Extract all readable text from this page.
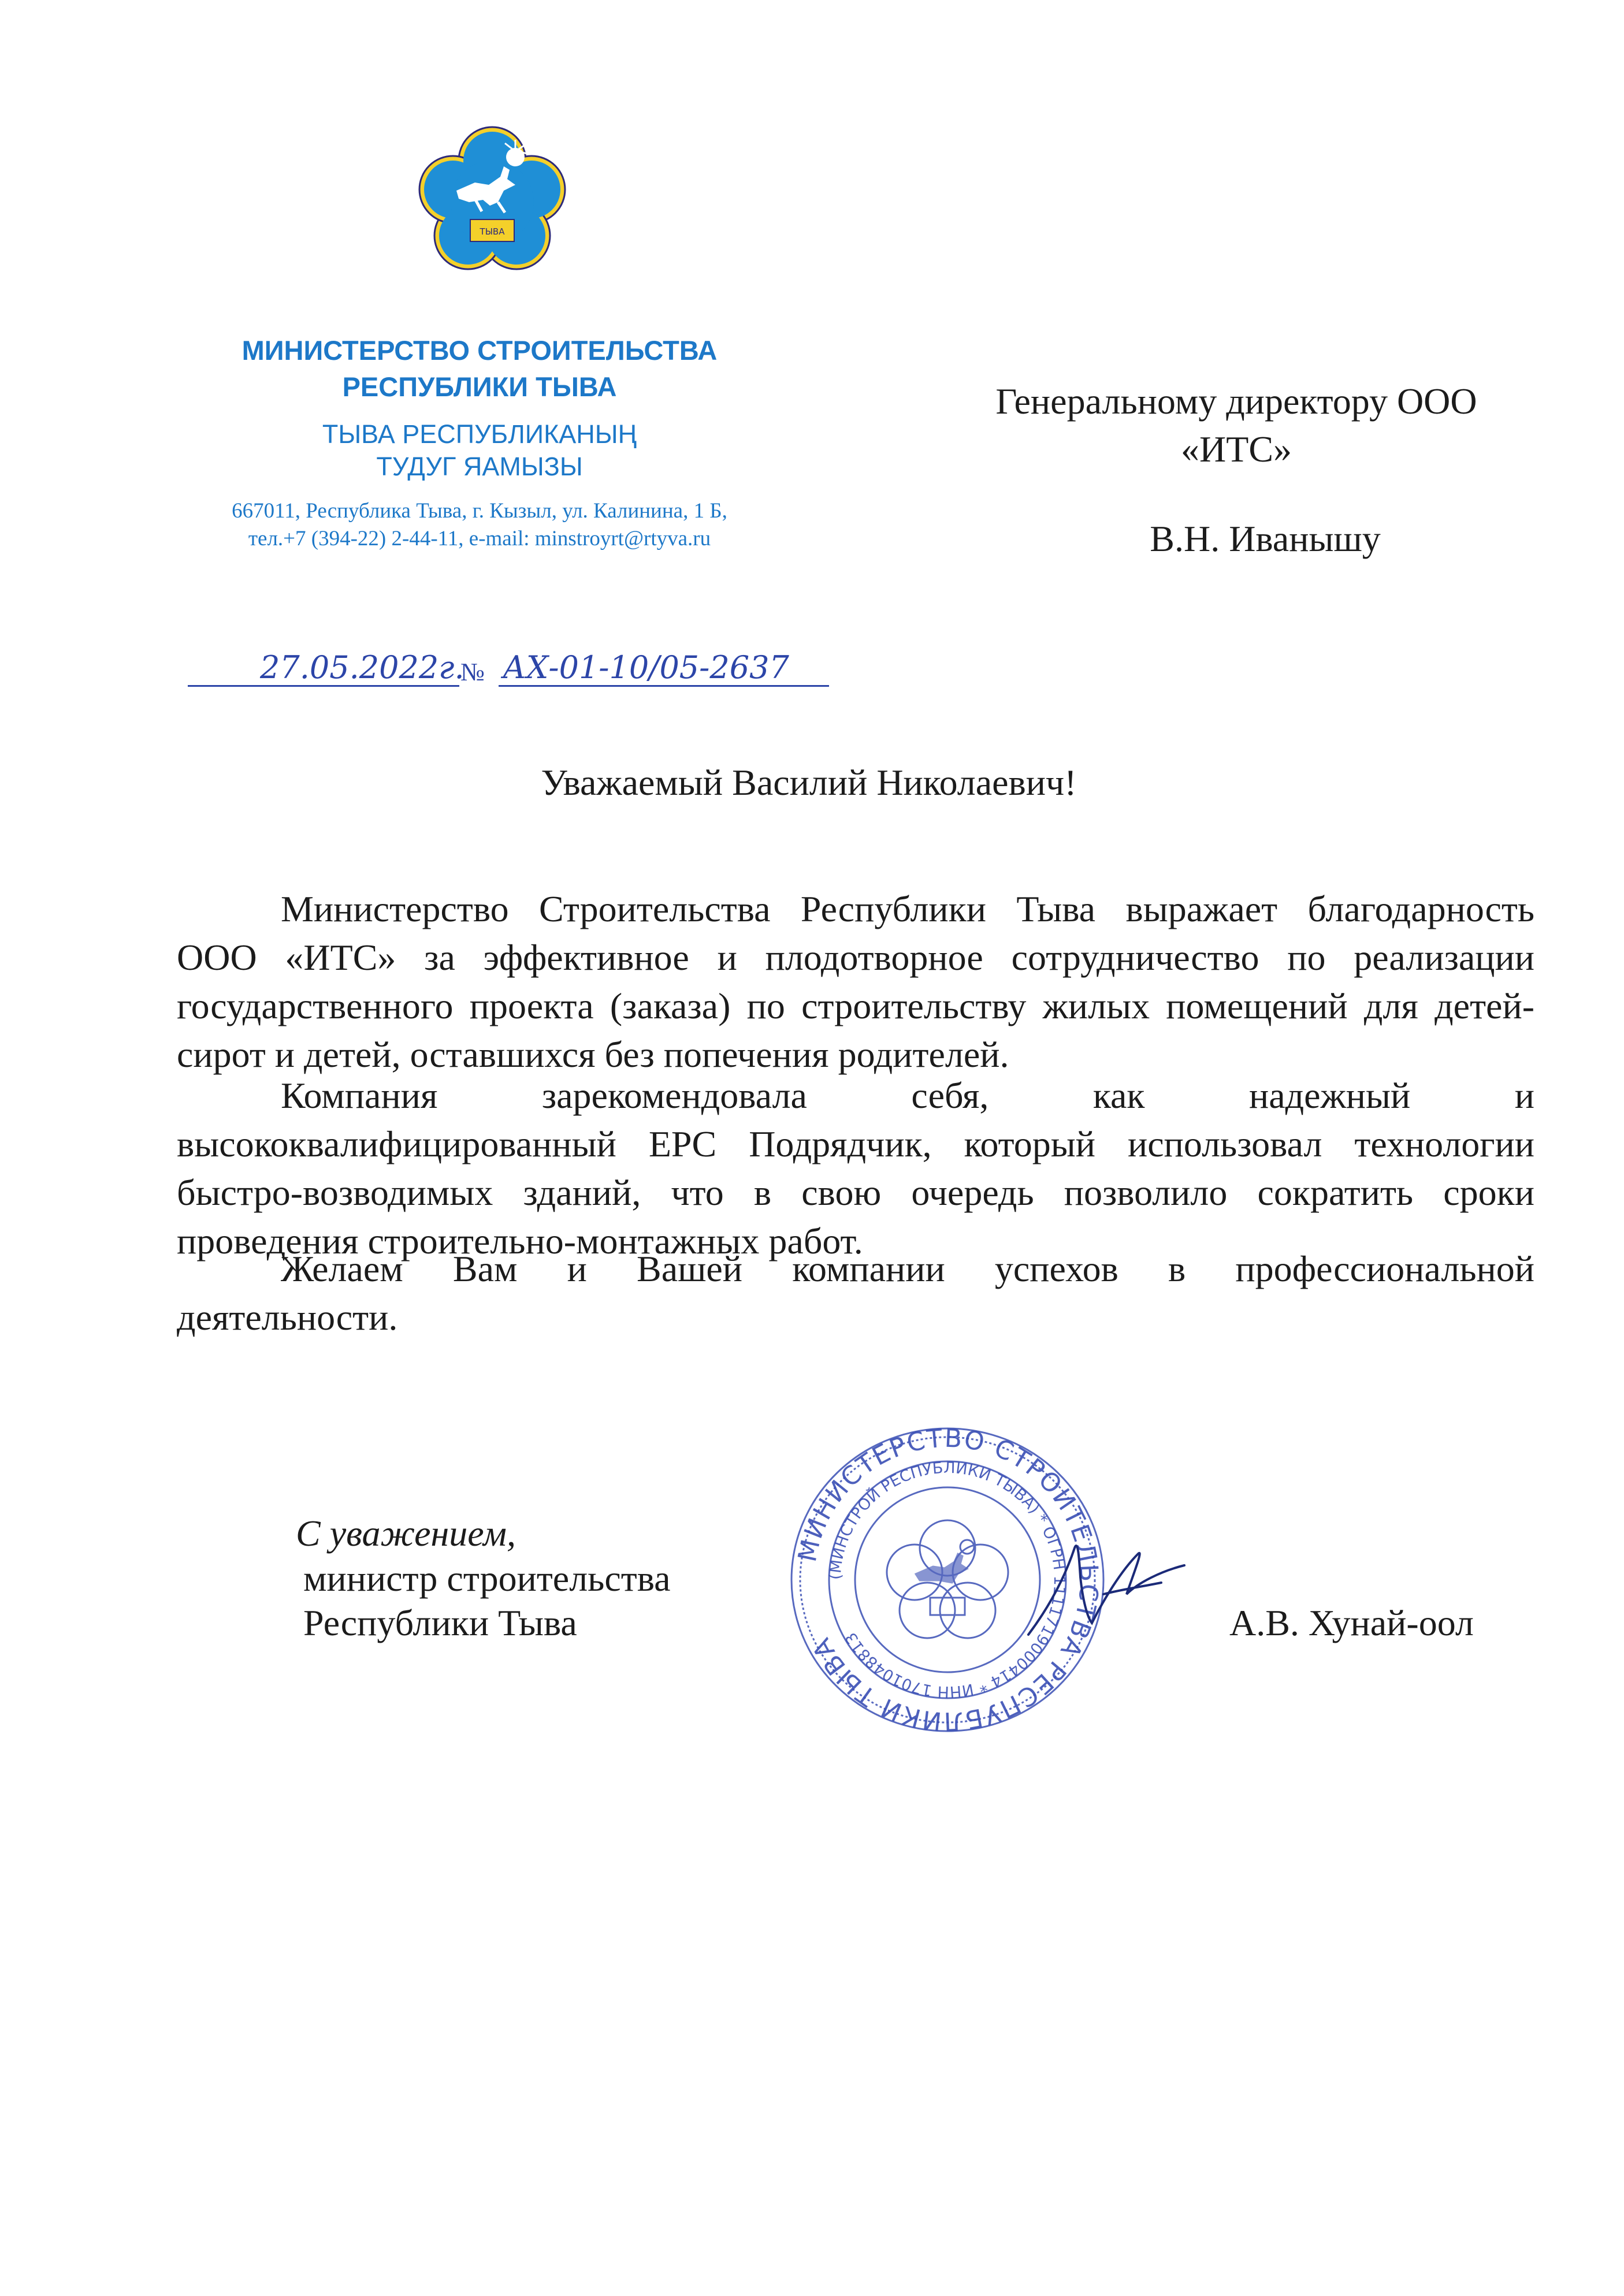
ТЫВА
МИНИСТЕРСТВО СТРОИТЕЛЬСТВА
РЕСПУБЛИКИ ТЫВА
ТЫВА РЕСПУБЛИКАНЫҢ
ТУДУГ ЯАМЫЗЫ
667011, Республика Тыва, г. Кызыл, ул. Калинина, 1 Б,
тел.+7 (394-22) 2-44-11, e-mail: minstroyrt@rtyva.ru
27.05.2022г.
№ АХ-01-10/05-2637
Генеральному директору ООО
«ИТС»
В.Н. Иванышу
Уважаемый Василий Николаевич!
Министерство Строительства Республики Тыва выражает благодарность
ООО «ИТС» за эффективное и плодотворное сотрудничество по реализации
государственного проекта (заказа) по строительству жилых помещений для детей-
сирот и детей, оставшихся без попечения родителей.
Компания зарекомендовала себя, как надежный и
высококвалифицированный EPC Подрядчик, который использовал технологии
быстро-возводимых зданий, что в свою очередь позволило сократить сроки
проведения строительно-монтажных работ.
Желаем Вам и Вашей компании успехов в профессиональной
деятельности.
С уважением,
министр строительства
Республики Тыва	А.В. Хунай-оол
МИНИСТЕРСТВО СТРОИТЕЛЬСТВА РЕСПУБЛИКИ ТЫВА
(МИНСТРОЙ РЕСПУБЛИКИ ТЫВА) * ОГРН 1111719000414 * ИНН 1701048813
